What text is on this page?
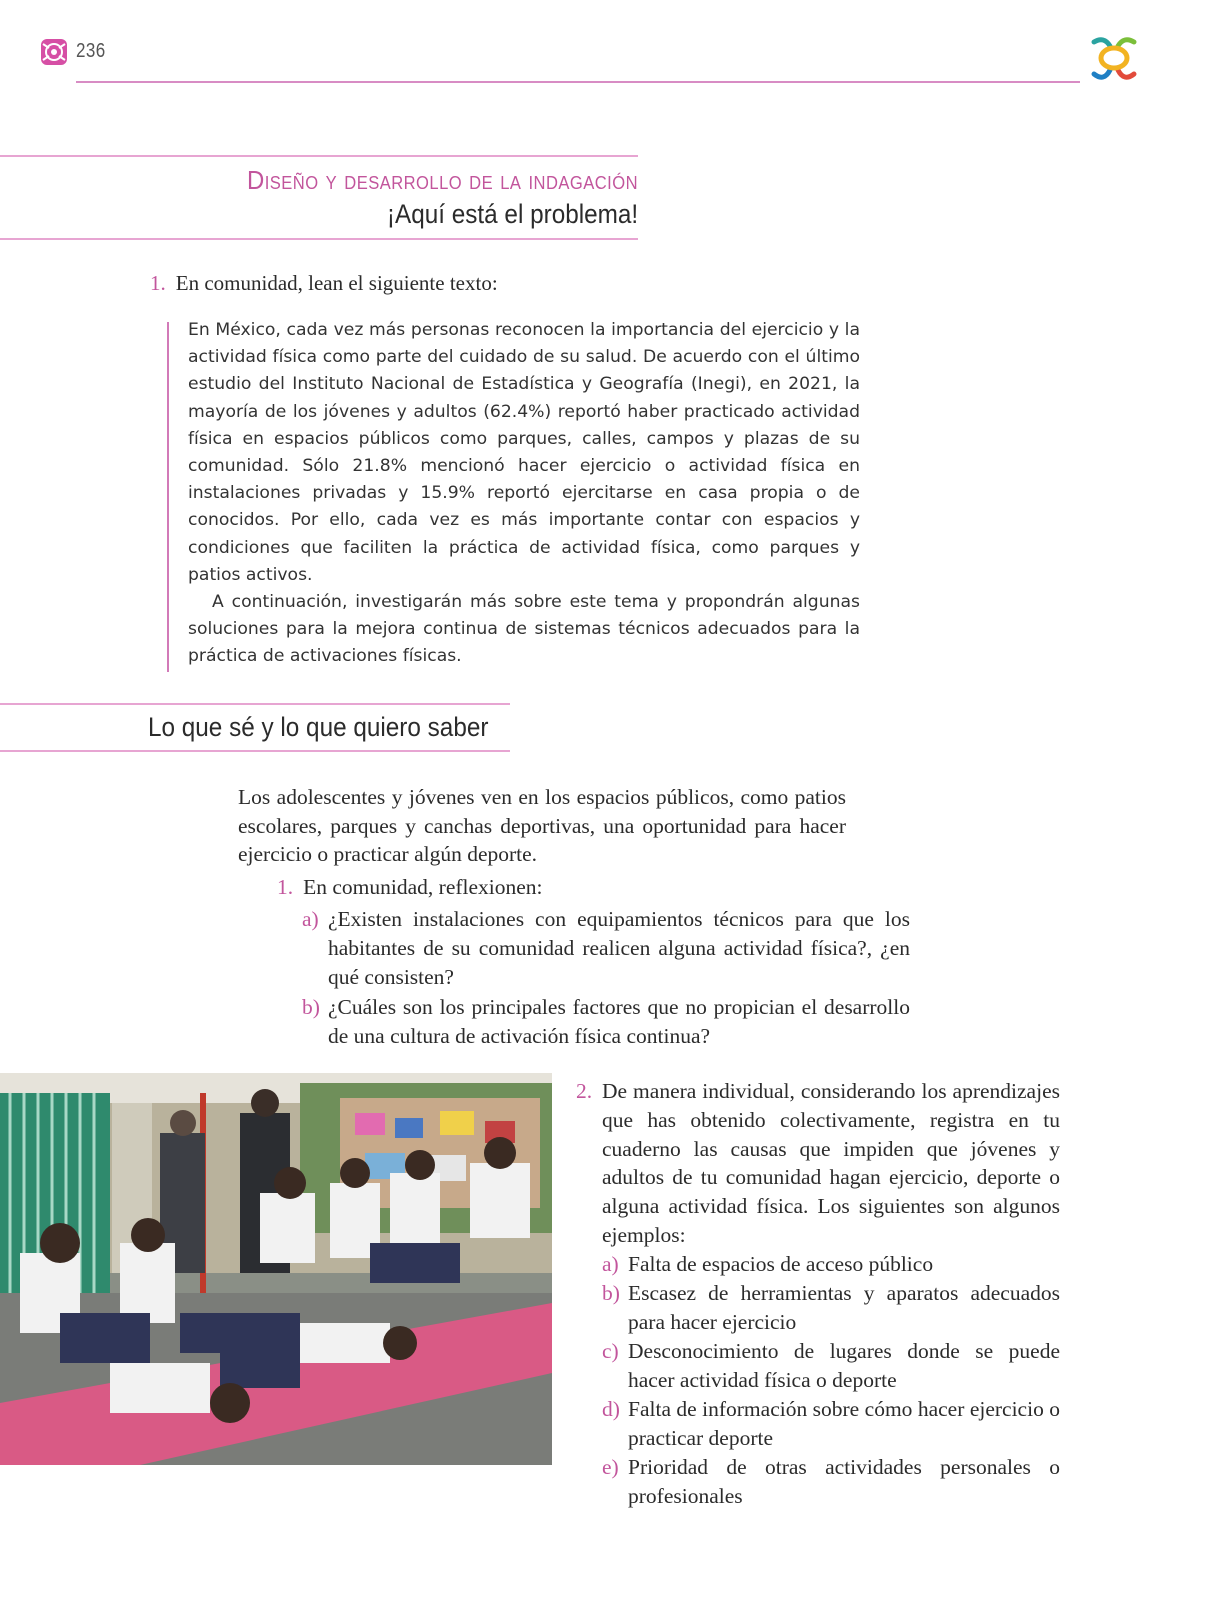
236
Diseño y desarrollo de la indagación
¡Aquí está el problema!
1. En comunidad, lean el siguiente texto:

En México, cada vez más personas reconocen la importancia del ejercicio y la actividad física como parte del cuidado de su salud. De acuerdo con el último estudio del Instituto Nacional de Estadística y Geografía (Inegi), en 2021, la mayoría de los jóvenes y adultos (62.4%) reportó haber practicado actividad física en espacios públicos como parques, calles, campos y plazas de su comunidad. Sólo 21.8% mencionó hacer ejercicio o actividad física en instalaciones privadas y 15.9% reportó ejercitarse en casa propia o de conocidos. Por ello, cada vez es más importante contar con espacios y condiciones que faciliten la práctica de actividad física, como parques y patios activos.

A continuación, investigarán más sobre este tema y propondrán algunas soluciones para la mejora continua de sistemas técnicos adecuados para la práctica de activaciones físicas.

Lo que sé y lo que quiero saber
Los adolescentes y jóvenes ven en los espacios públicos, como patios escolares, parques y canchas deportivas, una oportunidad para hacer ejercicio o practicar algún deporte.
1. En comunidad, reflexionen:
a) ¿Existen instalaciones con equipamientos técnicos para que los habitantes de su comunidad realicen alguna actividad física?, ¿en qué consisten?
b) ¿Cuáles son los principales factores que no propician el desarrollo de una cultura de activación física continua?
2. De manera individual, considerando los aprendizajes que has obtenido colectivamente, registra en tu cuaderno las causas que impiden que jóvenes y adultos de tu comunidad hagan ejercicio, deporte o alguna actividad física. Los siguientes son algunos ejemplos:
a) Falta de espacios de acceso público
b) Escasez de herramientas y aparatos adecuados para hacer ejercicio
c) Desconocimiento de lugares donde se puede hacer actividad física o deporte
d) Falta de información sobre cómo hacer ejercicio o practicar deporte
e) Prioridad de otras actividades personales o profesionales
